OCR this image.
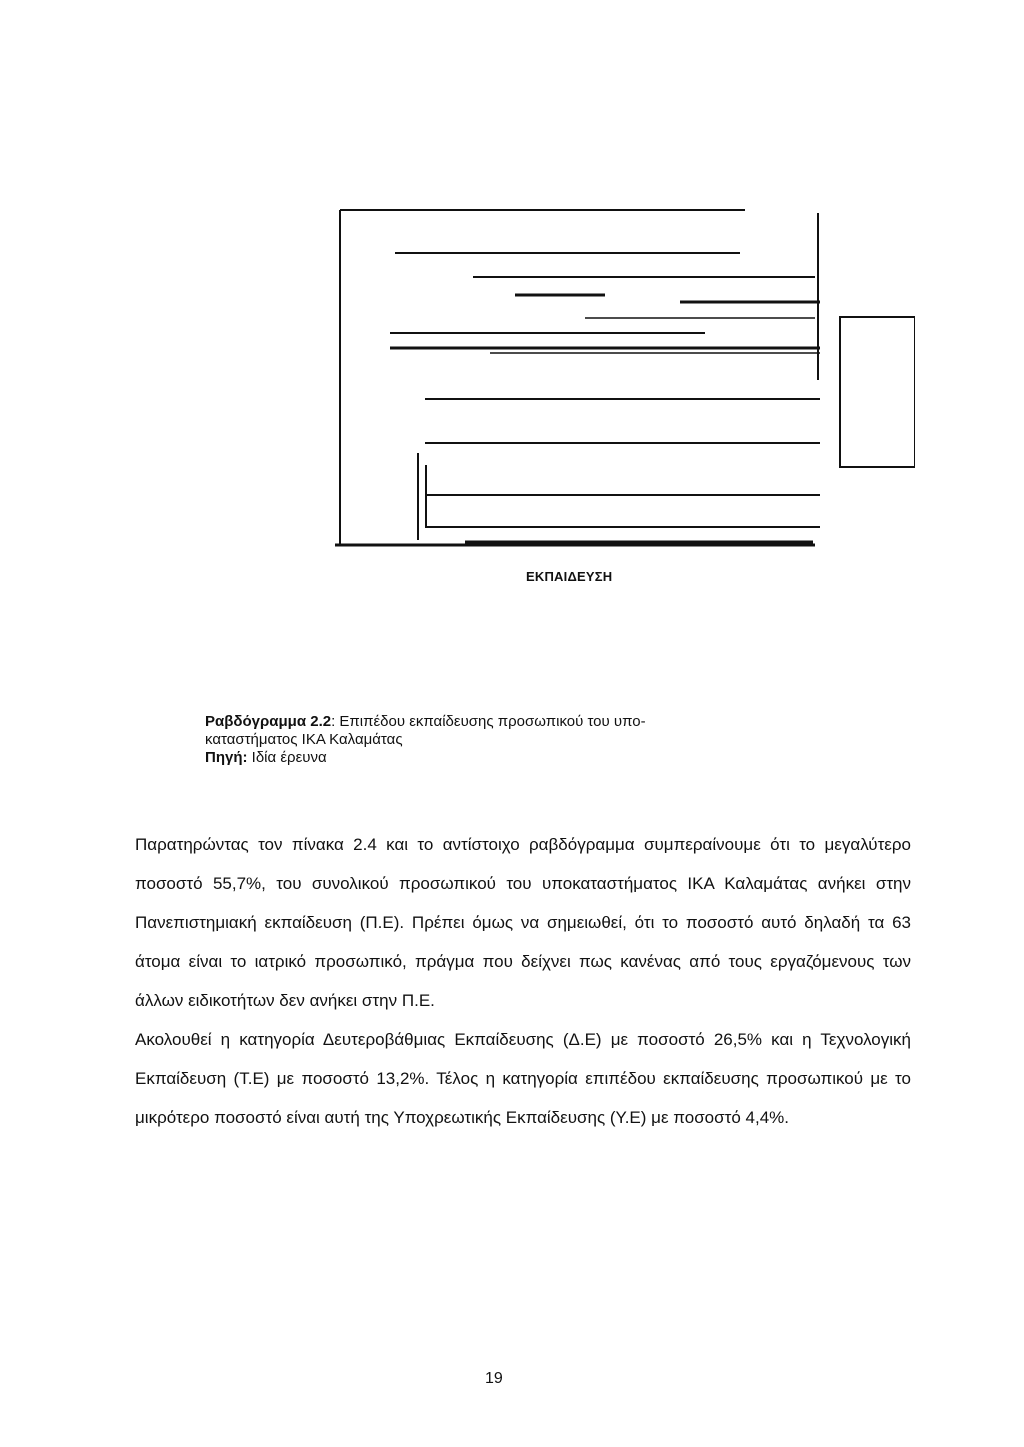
ΕΚΠΑΙΔΕΥΣΗ
Ραβδόγραμμα 2.2: Επιπέδου εκπαίδευσης προσωπικού του υπο-
καταστήματος ΙΚΑ Καλαμάτας
Πηγή: Ιδία έρευνα

Παρατηρώντας τον πίνακα 2.4 και το αντίστοιχο ραβδόγραμμα συμπεραίνουμε ότι το μεγαλύτερο ποσοστό 55,7%, του συνολικού προσωπικού του υποκαταστήματος ΙΚΑ Καλαμάτας ανήκει στην Πανεπιστημιακή εκπαίδευση (Π.Ε). Πρέπει όμως να σημειωθεί, ότι το ποσοστό αυτό δηλαδή τα 63 άτομα είναι το ιατρικό προσωπικό, πράγμα που δείχνει πως κανένας από τους εργαζόμενους των άλλων ειδικοτήτων δεν ανήκει στην Π.Ε.

Ακολουθεί η κατηγορία Δευτεροβάθμιας Εκπαίδευσης (Δ.Ε) με ποσοστό 26,5% και η Τεχνολογική Εκπαίδευση (Τ.Ε) με ποσοστό 13,2%. Τέλος η κατηγορία επιπέδου εκπαίδευσης προσωπικού με το μικρότερο ποσοστό είναι αυτή της Υποχρεωτικής Εκπαίδευσης (Υ.Ε) με ποσοστό 4,4%.

19
